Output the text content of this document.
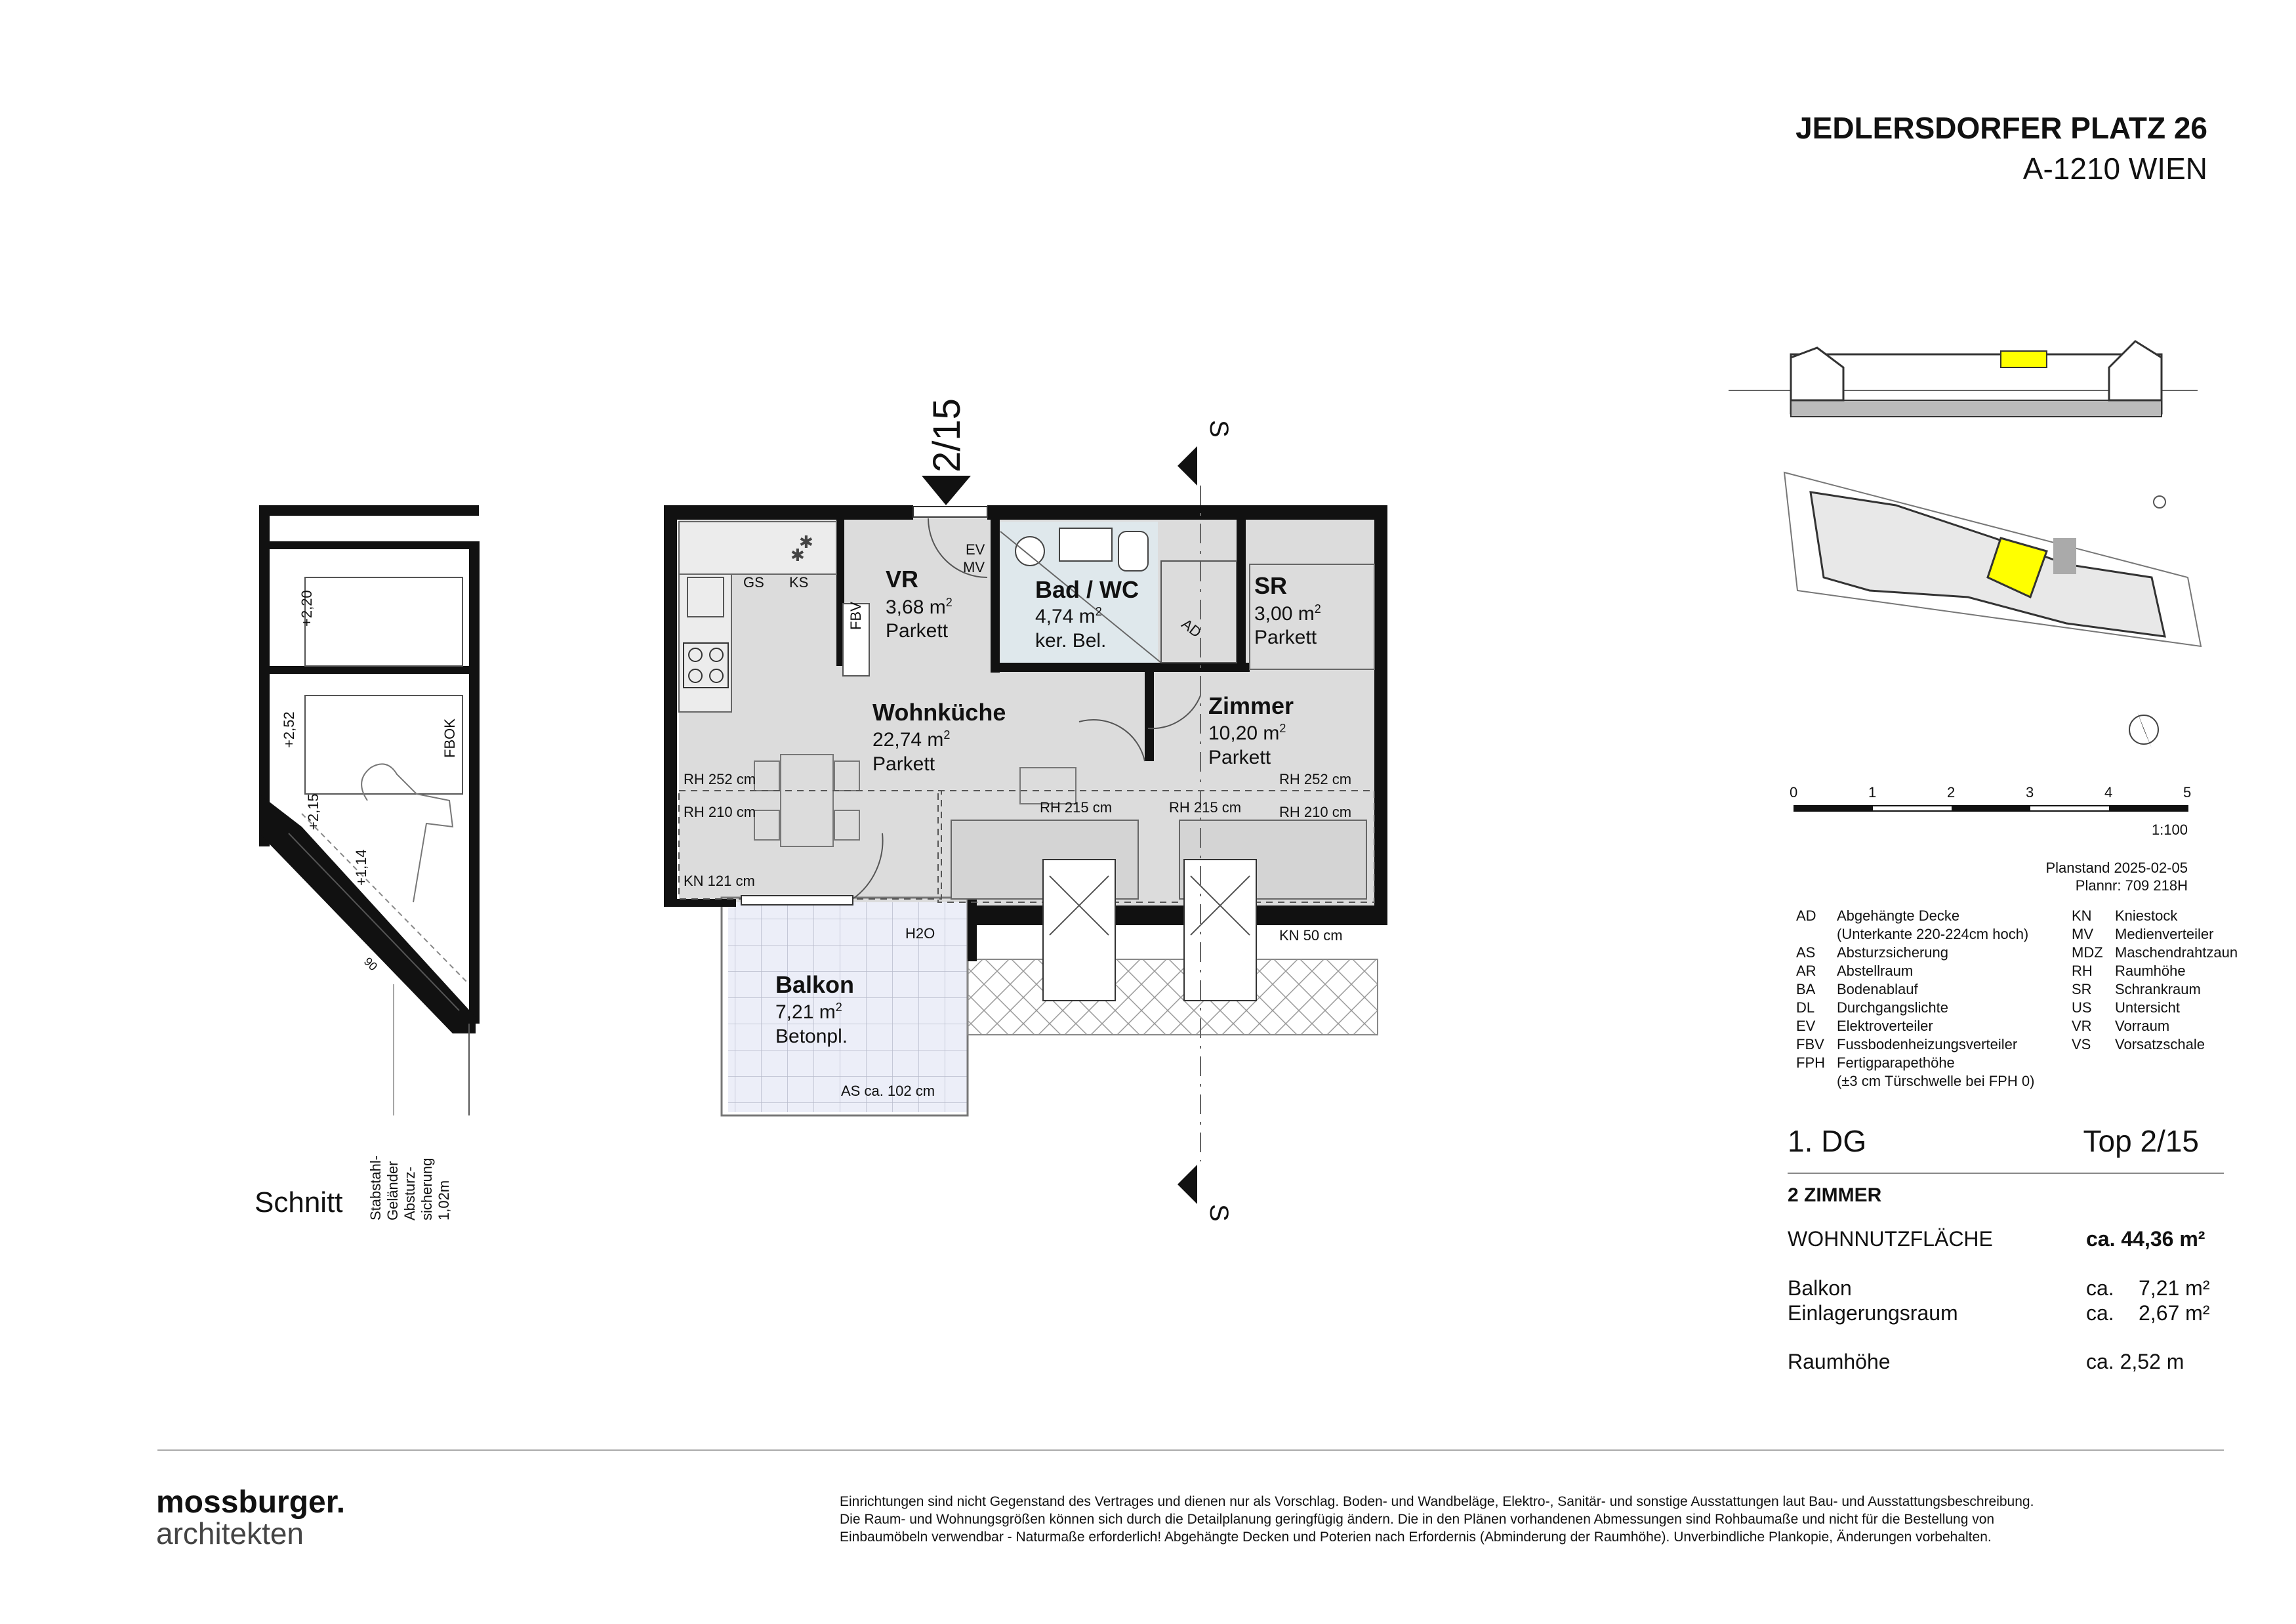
JEDLERSDORFER PLATZ 26
A-1210 WIEN
✱
✱
2/15	S
S
VR
3,68 $m^2$
Parkett
Bad / WC
4,74 $m^2$
ker. Bel.
SR
3,00 $m^2$
Parkett
Wohnküche
22,74 $m^2$
Parkett
Zimmer
10,20 $m^2$
Parkett
Balkon
7,21 $m^2$
Betonpl.
GS KS
FBV
EV
MV
AD
H2O
RH 252 cm
RH 210 cm
KN 121 cm
RH 215 cm	RH 215 cm
RH 252 cm
RH 210 cm
KN 50 cm
AS ca. 102 cm
Schnitt
+2,20
+2,52
+2,15
+1,14
FBOK
90
Stabstahl- Geländer Absturz- sicherung 1,02m
0	1	2	3	4	5
1:100
Planstand 2025-02-05
Plannr: 709 218H
AD	Abgehängte Decke
(Unterkante 220-224cm hoch)
AS	Absturzsicherung
AR	Abstellraum
BA	Bodenablauf
DL	Durchgangslichte
EV	Elektroverteiler
FBV Fussbodenheizungsverteiler
FPH Fertigparapethöhe
(±3 cm Türschwelle bei FPH 0)
KN	Kniestock
MV	Medienverteiler
MDZ Maschendrahtzaun
RH	Raumhöhe
SR	Schrankraum
US	Untersicht
VR	Vorraum
VS	Vorsatzschale
1. DG	Top 2/15
2 ZIMMER
WOHNNUTZFLÄCHE	ca. 44,36 m²
Balkon	ca. 7,21 m²
Einlagerungsraum	ca. 2,67 m²
Raumhöhe	ca. 2,52 m
mossburger.
architekten
Einrichtungen sind nicht Gegenstand des Vertrages und dienen nur als Vorschlag. Boden- und Wandbeläge, Elektro-, Sanitär- und sonstige Ausstattungen laut Bau- und Ausstattungsbeschreibung.
Die Raum- und Wohnungsgrößen können sich durch die Detailplanung geringfügig ändern. Die in den Plänen vorhandenen Abmessungen sind Rohbaumaße und nicht für die Bestellung von
Einbaumöbeln verwendbar - Naturmaße erforderlich! Abgehängte Decken und Poterien nach Erfordernis (Abminderung der Raumhöhe). Unverbindliche Plankopie, Änderungen vorbehalten.
